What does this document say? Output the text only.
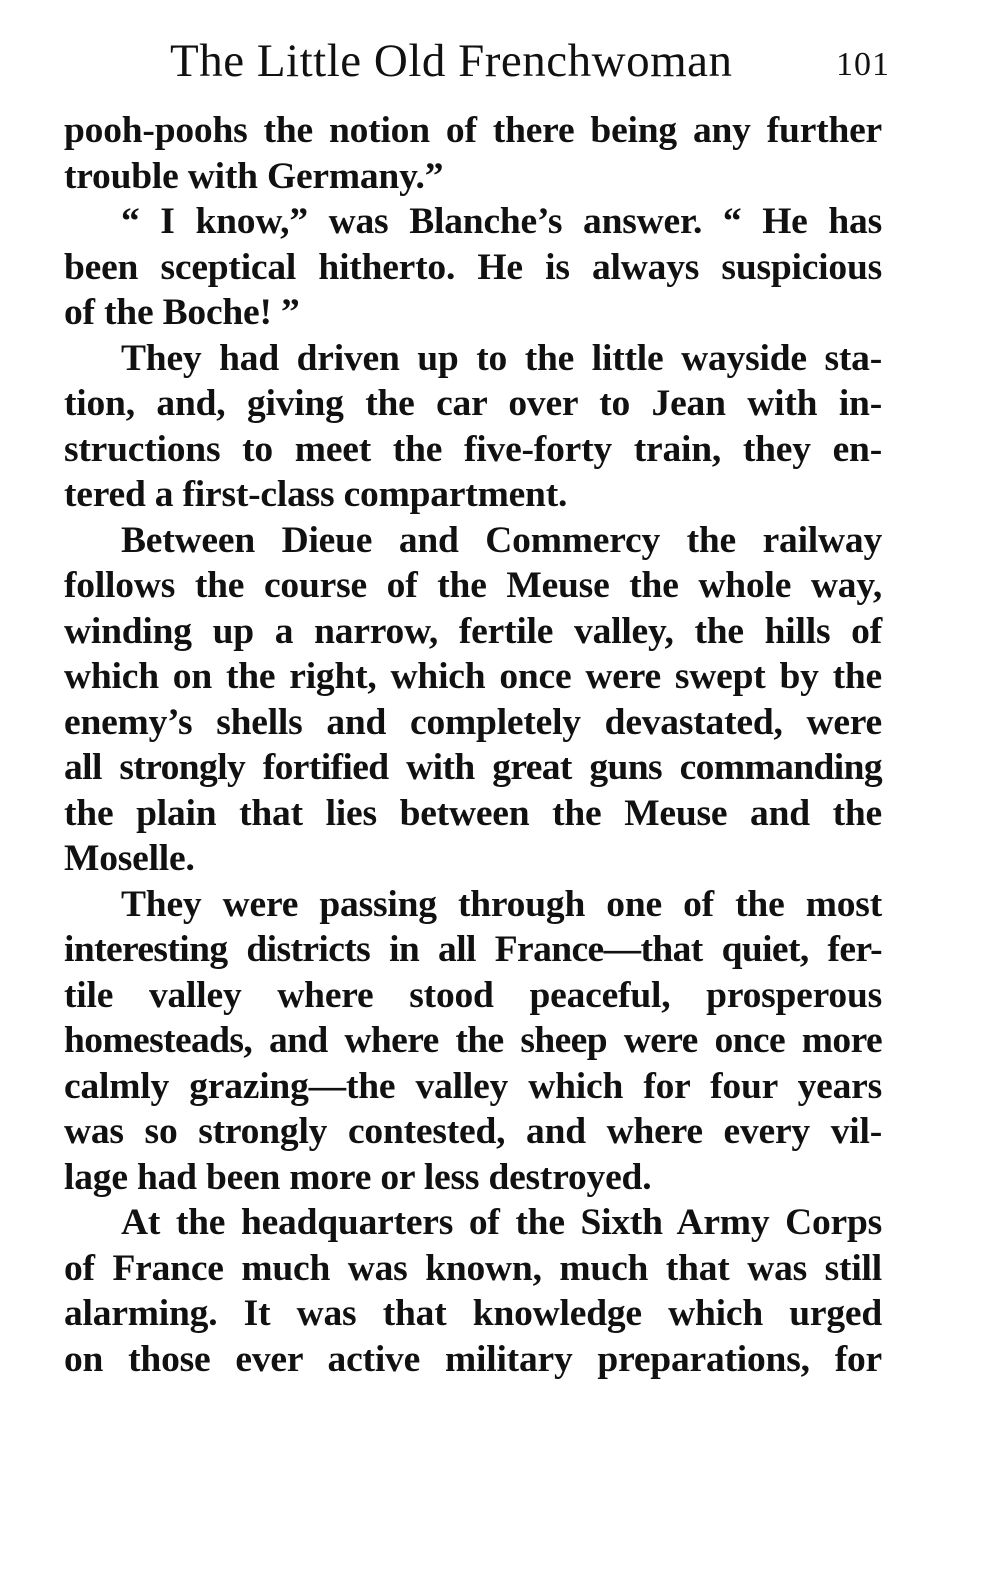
The Little Old Frenchwoman	101

pooh-poohs the notion of there being any further
trouble with Germany.”

“ I know,” was Blanche’s answer. “ He has
been sceptical hitherto. He is always suspicious
of the Boche! ”

They had driven up to the little wayside sta-
tion, and, giving the car over to Jean with in-
structions to meet the five-forty train, they en-
tered a first-class compartment.

Between Dieue and Commercy the railway
follows the course of the Meuse the whole way,
winding up a narrow, fertile valley, the hills of
which on the right, which once were swept by the
enemy’s shells and completely devastated, were
all strongly fortified with great guns commanding
the plain that lies between the Meuse and the
Moselle.

They were passing through one of the most
interesting districts in all France—that quiet, fer-
tile valley where stood peaceful, prosperous
homesteads, and where the sheep were once more
calmly grazing—the valley which for four years
was so strongly contested, and where every vil-
lage had been more or less destroyed.

At the headquarters of the Sixth Army Corps
of France much was known, much that was still
alarming. It was that knowledge which urged
on those ever active military preparations, for
